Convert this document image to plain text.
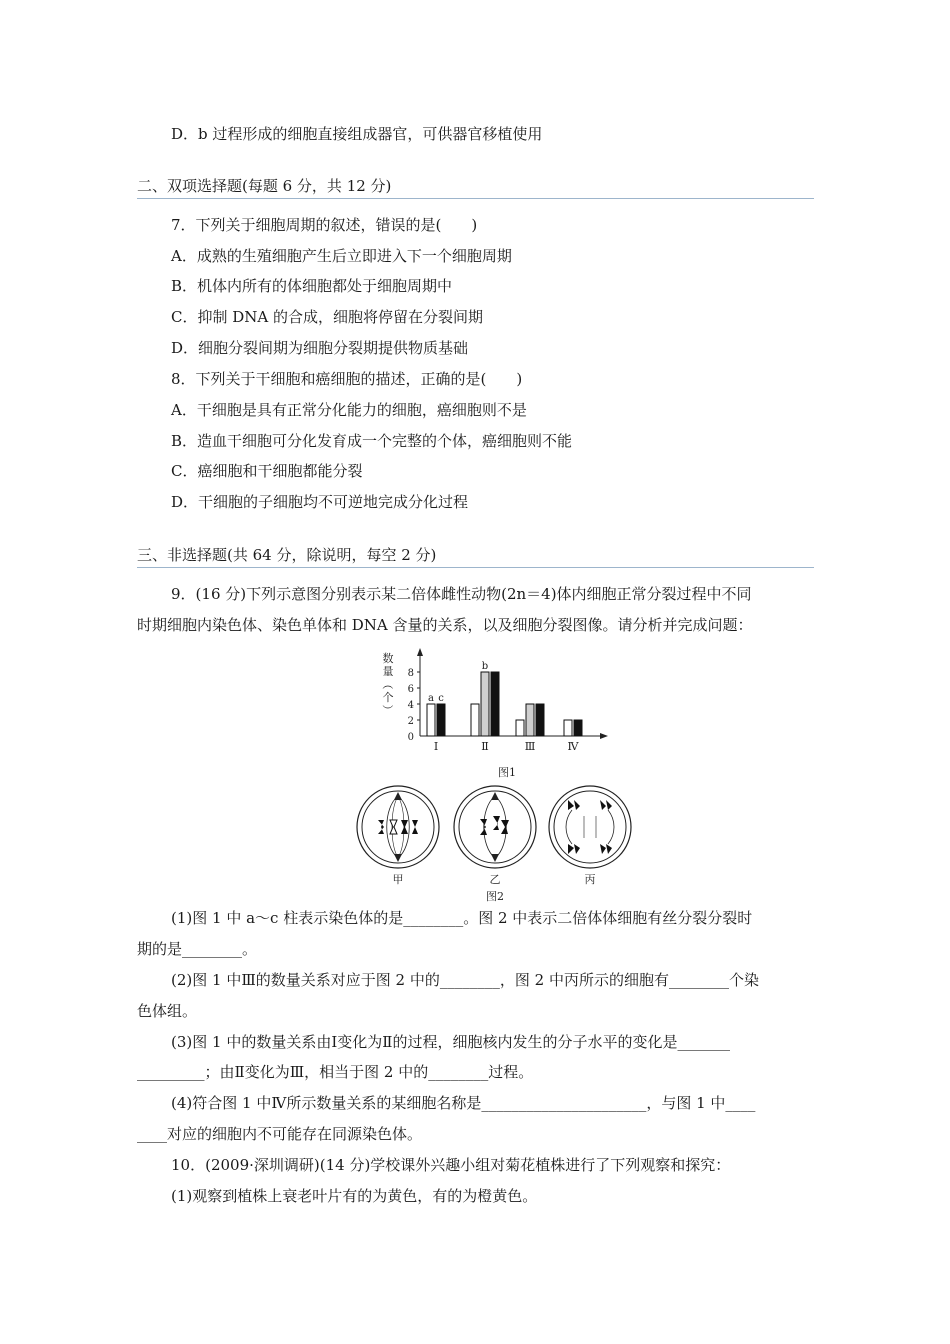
D．b 过程形成的细胞直接组成器官，可供器官移植使用
二、双项选择题(每题 6 分，共 12 分)
7．下列关于细胞周期的叙述，错误的是(　　)
A．成熟的生殖细胞产生后立即进入下一个细胞周期
B．机体内所有的体细胞都处于细胞周期中
C．抑制 DNA 的合成，细胞将停留在分裂间期
D．细胞分裂间期为细胞分裂期提供物质基础
8．下列关于干细胞和癌细胞的描述，正确的是(　　)
A．干细胞是具有正常分化能力的细胞，癌细胞则不是
B．造血干细胞可分化发育成一个完整的个体，癌细胞则不能
C．癌细胞和干细胞都能分裂
D．干细胞的子细胞均不可逆地完成分化过程
三、非选择题(共 64 分，除说明，每空 2 分)
9．(16 分)下列示意图分别表示某二倍体雌性动物(2n＝4)体内细胞正常分裂过程中不同
时期细胞内染色体、染色单体和 DNA 含量的关系，以及细胞分裂图像。请分析并完成问题：
数
量
（
个
）
0
2
4
6
8
a c
b
Ⅰ	Ⅱ	Ⅲ	Ⅳ
图1
甲	乙	丙
图2
(1)图 1 中 a～c 柱表示染色体的是________。图 2 中表示二倍体体细胞有丝分裂分裂时
期的是________。
(2)图 1 中Ⅲ的数量关系对应于图 2 中的________，图 2 中丙所示的细胞有________个染
色体组。
(3)图 1 中的数量关系由Ⅰ变化为Ⅱ的过程，细胞核内发生的分子水平的变化是_______
_________；由Ⅱ变化为Ⅲ，相当于图 2 中的________过程。
(4)符合图 1 中Ⅳ所示数量关系的某细胞名称是______________________，与图 1 中____
____对应的细胞内不可能存在同源染色体。
10．(2009·深圳调研)(14 分)学校课外兴趣小组对菊花植株进行了下列观察和探究：
(1)观察到植株上衰老叶片有的为黄色，有的为橙黄色。
